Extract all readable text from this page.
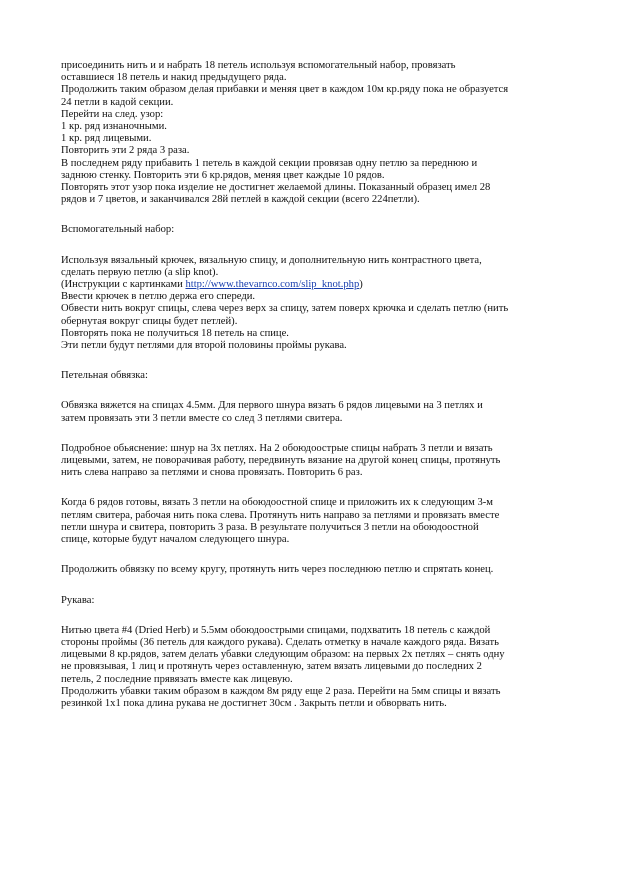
присоединить нить и и набрать 18 петель используя вспомогательный набор, провязать
оставшиеся 18 петель и накид предыдущего ряда.
Продолжить таким образом делая прибавки и меняя цвет в каждом 10м кр.ряду пока не образуется
24 петли в кадой секции.
Перейти на след. узор:
1 кр. ряд изнаночными.
1 кр. ряд лицевыми.
Повторить эти 2 ряда 3 раза.
В последнем ряду прибавить 1 петель в каждой секции провязав одну петлю за переднюю и
заднюю стенку. Повторить эти 6 кр.рядов, меняя цвет каждые 10 рядов.
Повторять этот узор пока изделие не достигнет желаемой длины. Показанный образец имел 28
рядов и 7 цветов, и заканчивался 28й петлей в каждой секции (всего 224петли).
Вспомогательный набор:
Используя вязальный крючек, вязальную спицу, и дополнительную нить контрастного цвета,
сделать первую петлю (a slip knot).
(Инструкции с картинками http://www.thevarnco.com/slip_knot.php)
Ввести крючек в петлю держа его спереди.
Обвести нить вокруг спицы, слева через верх за спицу, затем поверх крючка и сделать петлю (нить
обернутая вокруг спицы будет петлей).
Повторять пока не получиться 18 петель на спице.
Эти петли будут петлями для второй половины проймы рукава.
Петельная обвязка:
Обвязка вяжется на спицах 4.5мм. Для первого шнура вязать 6 рядов лицевыми на 3 петлях и
затем провязать эти 3 петли вместе со след 3 петлями свитера.
Подробное обьяснение: шнур на 3х петлях. На 2 обоюдоострые спицы набрать 3 петли и вязать
лицевыми, затем, не поворачивая работу, передвинуть вязание на другой конец спицы, протянуть
нить слева направо за петлями и снова провязать. Повторить 6 раз.
Когда 6 рядов готовы, вязать 3 петли на обоюдоостной спице и приложить их к следующим 3-м
петлям свитера, рабочая нить пока слева. Протянуть нить направо за петлями и провязать вместе
петли шнура и свитера, повторить 3 раза. В результате получиться 3 петли на обоюдоостной
спице, которые будут началом следующего шнура.
Продолжить обвязку по всему кругу, протянуть нить через последнюю петлю и спрятать конец.
Рукава:
Нитью цвета #4 (Dried Herb) и 5.5мм обоюдоострыми спицами, подхватить 18 петель с каждой
стороны проймы (36 петель для каждого рукава). Сделать отметку в начале каждого ряда. Вязать
лицевыми 8 кр.рядов, затем делать убавки следующим образом: на первых 2х петлях – снять одну
не провязывая, 1 лиц и протянуть через оставленную, затем вязать лицевыми до последних 2
петель, 2 последние прявязать вместе как лицевую.
Продолжить убавки таким образом в каждом 8м ряду еще 2 раза. Перейти на 5мм спицы и вязать
резинкой 1х1 пока длина рукава не достигнет 30см . Закрыть петли и обворвать нить.
